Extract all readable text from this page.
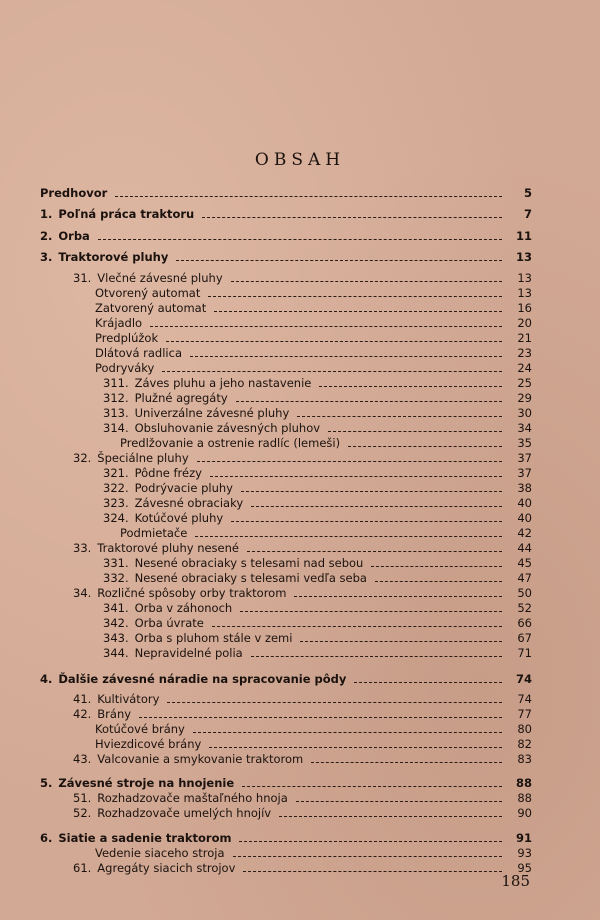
OBSAH
Predhovor	5
1. Poľná práca traktoru	7
2. Orba	11
3. Traktorové pluhy	13
31. Vlečné závesné pluhy	13
Otvorený automat	13
Zatvorený automat	16
Krájadlo	20
Predplúžok	21
Dlátová radlica	23
Podryváky	24
311. Záves pluhu a jeho nastavenie	25
312. Plužné agregáty	29
313. Univerzálne závesné pluhy	30
314. Obsluhovanie závesných pluhov	34
Predlžovanie a ostrenie radlíc (lemeši)	35
32. Špeciálne pluhy	37
321. Pôdne frézy	37
322. Podrývacie pluhy	38
323. Závesné obraciaky	40
324. Kotúčové pluhy	40
Podmietače	42
33. Traktorové pluhy nesené	44
331. Nesené obraciaky s telesami nad sebou	45
332. Nesené obraciaky s telesami vedľa seba	47
34. Rozličné spôsoby orby traktorom	50
341. Orba v záhonoch	52
342. Orba úvrate	66
343. Orba s pluhom stále v zemi	67
344. Nepravidelné polia	71
4. Ďalšie závesné náradie na spracovanie pôdy	74
41. Kultivátory	74
42. Brány	77
Kotúčové brány	80
Hviezdicové brány	82
43. Valcovanie a smykovanie traktorom	83
5. Závesné stroje na hnojenie	88
51. Rozhadzovače maštaľného hnoja	88
52. Rozhadzovače umelých hnojív	90
6. Siatie a sadenie traktorom	91
Vedenie siaceho stroja	93
61. Agregáty siacich strojov	95
185
